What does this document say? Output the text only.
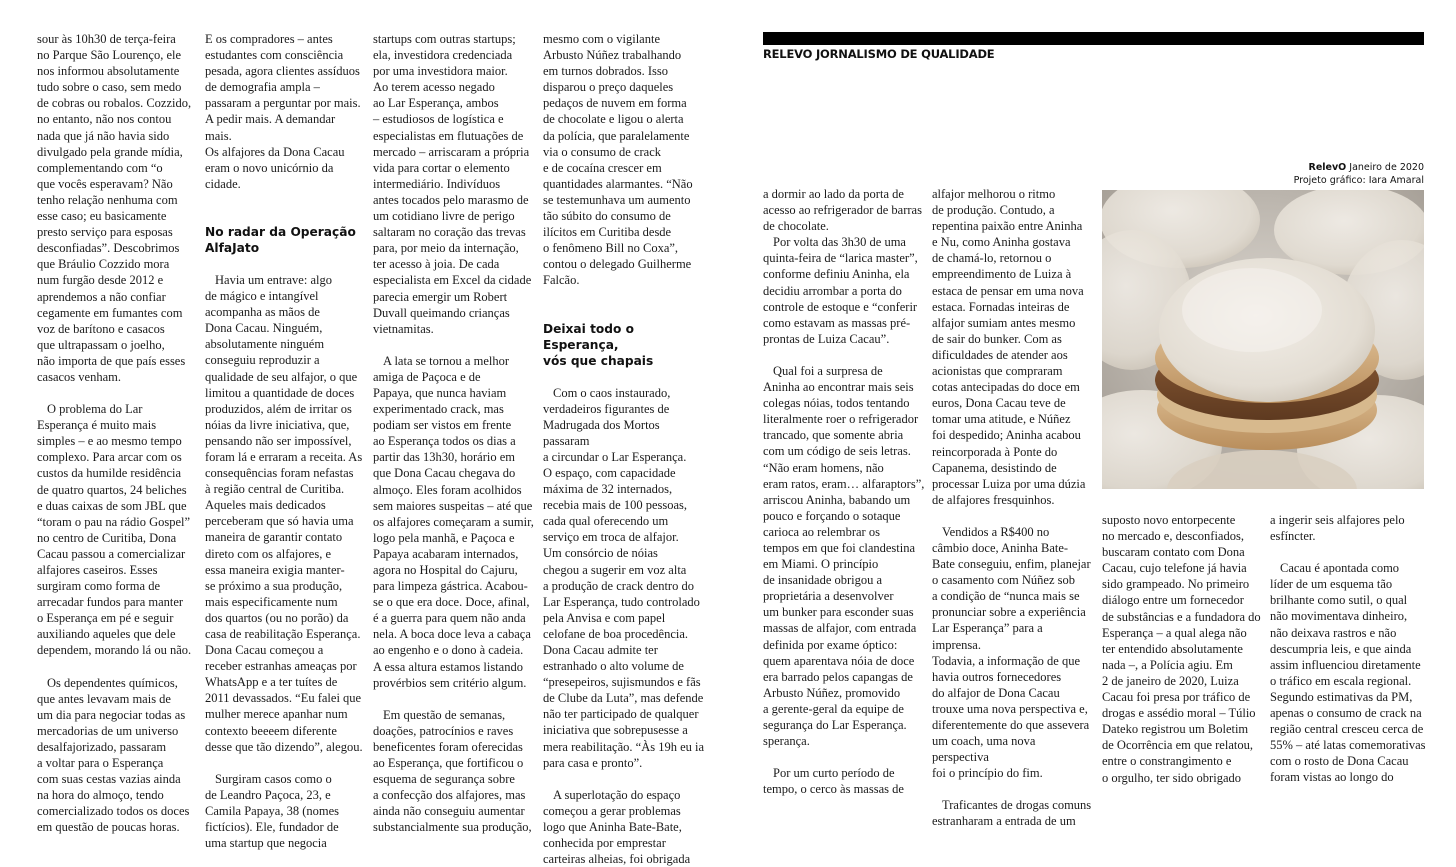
RELEVO JORNALISMO DE QUALIDADE
RelevO Janeiro de 2020
Projeto gráfico: Iara Amaral

sour às 10h30 de terça-feira

no Parque São Lourenço, ele

nos informou absolutamente

tudo sobre o caso, sem medo

de cobras ou robalos. Cozzido,

no entanto, não nos contou

nada que já não havia sido

divulgado pela grande mídia,

complementando com “o

que vocês esperavam? Não

tenho relação nenhuma com

esse caso; eu basicamente

presto serviço para esposas

desconfiadas”. Descobrimos

que Bráulio Cozzido mora

num furgão desde 2012 e

aprendemos a não confiar

cegamente em fumantes com

voz de barítono e casacos

que ultrapassam o joelho,

não importa de que país esses

casacos venham.

O problema do Lar

Esperança é muito mais

simples – e ao mesmo tempo

complexo. Para arcar com os

custos da humilde residência

de quatro quartos, 24 beliches

e duas caixas de som JBL que

“toram o pau na rádio Gospel”

no centro de Curitiba, Dona

Cacau passou a comercializar

alfajores caseiros. Esses

surgiram como forma de

arrecadar fundos para manter

o Esperança em pé e seguir

auxiliando aqueles que dele

dependem, morando lá ou não.

Os dependentes químicos,

que antes levavam mais de

um dia para negociar todas as

mercadorias de um universo

desalfajorizado, passaram

a voltar para o Esperança

com suas cestas vazias ainda

na hora do almoço, tendo

comercializado todos os doces

em questão de poucas horas.

E os compradores – antes

estudantes com consciência

pesada, agora clientes assíduos

de demografia ampla –

passaram a perguntar por mais.

A pedir mais. A demandar mais.

Os alfajores da Dona Cacau

eram o novo unicórnio da

cidade.

No radar da Operação
AlfaJato

Havia um entrave: algo

de mágico e intangível

acompanha as mãos de

Dona Cacau. Ninguém,

absolutamente ninguém

conseguiu reproduzir a

qualidade de seu alfajor, o que

limitou a quantidade de doces

produzidos, além de irritar os

nóias da livre iniciativa, que,

pensando não ser impossível,

foram lá e erraram a receita. As

consequências foram nefastas

à região central de Curitiba.

Aqueles mais dedicados

perceberam que só havia uma

maneira de garantir contato

direto com os alfajores, e

essa maneira exigia manter-

se próximo a sua produção,

mais especificamente num

dos quartos (ou no porão) da

casa de reabilitação Esperança.

Dona Cacau começou a

receber estranhas ameaças por

WhatsApp e a ter tuítes de

2011 devassados. “Eu falei que

mulher merece apanhar num

contexto beeeem diferente

desse que tão dizendo”, alegou.

Surgiram casos como o

de Leandro Paçoca, 23, e

Camila Papaya, 38 (nomes

fictícios). Ele, fundador de

uma startup que negocia

startups com outras startups;

ela, investidora credenciada

por uma investidora maior.

Ao terem acesso negado

ao Lar Esperança, ambos

– estudiosos de logística e

especialistas em flutuações de

mercado – arriscaram a própria

vida para cortar o elemento

intermediário. Indivíduos

antes tocados pelo marasmo de

um cotidiano livre de perigo

saltaram no coração das trevas

para, por meio da internação,

ter acesso à joia. De cada

especialista em Excel da cidade

parecia emergir um Robert

Duvall queimando crianças

vietnamitas.

A lata se tornou a melhor

amiga de Paçoca e de

Papaya, que nunca haviam

experimentado crack, mas

podiam ser vistos em frente

ao Esperança todos os dias a

partir das 13h30, horário em

que Dona Cacau chegava do

almoço. Eles foram acolhidos

sem maiores suspeitas – até que

os alfajores começaram a sumir,

logo pela manhã, e Paçoca e

Papaya acabaram internados,

agora no Hospital do Cajuru,

para limpeza gástrica. Acabou-

se o que era doce. Doce, afinal,

é a guerra para quem não anda

nela. A boca doce leva a cabaça

ao engenho e o dono à cadeia.

A essa altura estamos listando

provérbios sem critério algum.

Em questão de semanas,

doações, patrocínios e raves

beneficentes foram oferecidas

ao Esperança, que fortificou o

esquema de segurança sobre

a confecção dos alfajores, mas

ainda não conseguiu aumentar

substancialmente sua produção,

mesmo com o vigilante

Arbusto Núñez trabalhando

em turnos dobrados. Isso

disparou o preço daqueles

pedaços de nuvem em forma

de chocolate e ligou o alerta

da polícia, que paralelamente

via o consumo de crack

e de cocaína crescer em

quantidades alarmantes. “Não

se testemunhava um aumento

tão súbito do consumo de

ilícitos em Curitiba desde

o fenômeno Bill no Coxa”,

contou o delegado Guilherme

Falcão.

Deixai todo o Esperança,
vós que chapais

Com o caos instaurado,

verdadeiros figurantes de

Madrugada dos Mortos passaram

a circundar o Lar Esperança.

O espaço, com capacidade

máxima de 32 internados,

recebia mais de 100 pessoas,

cada qual oferecendo um

serviço em troca de alfajor.

Um consórcio de nóias

chegou a sugerir em voz alta

a produção de crack dentro do

Lar Esperança, tudo controlado

pela Anvisa e com papel

celofane de boa procedência.

Dona Cacau admite ter

estranhado o alto volume de

“presepeiros, sujismundos e fãs

de Clube da Luta”, mas defende

não ter participado de qualquer

iniciativa que sobrepusesse a

mera reabilitação. “Às 19h eu ia

para casa e pronto”.

A superlotação do espaço

começou a gerar problemas

logo que Aninha Bate-Bate,

conhecida por emprestar

carteiras alheias, foi obrigada

a dormir ao lado da porta de

acesso ao refrigerador de barras

de chocolate.

Por volta das 3h30 de uma

quinta-feira de “larica master”,

conforme definiu Aninha, ela

decidiu arrombar a porta do

controle de estoque e “conferir

como estavam as massas pré-

prontas de Luiza Cacau”.

Qual foi a surpresa de

Aninha ao encontrar mais seis

colegas nóias, todos tentando

literalmente roer o refrigerador

trancado, que somente abria

com um código de seis letras.

“Não eram homens, não

eram ratos, eram… alfaraptors”,

arriscou Aninha, babando um

pouco e forçando o sotaque

carioca ao relembrar os

tempos em que foi clandestina

em Miami. O princípio

de insanidade obrigou a

proprietária a desenvolver

um bunker para esconder suas

massas de alfajor, com entrada

definida por exame óptico:

quem aparentava nóia de doce

era barrado pelos capangas de

Arbusto Núñez, promovido

a gerente-geral da equipe de

segurança do Lar Esperança.

sperança.

Por um curto período de

tempo, o cerco às massas de

alfajor melhorou o ritmo

de produção. Contudo, a

repentina paixão entre Aninha

e Nu, como Aninha gostava

de chamá-lo, retornou o

empreendimento de Luiza à

estaca de pensar em uma nova

estaca. Fornadas inteiras de

alfajor sumiam antes mesmo

de sair do bunker. Com as

dificuldades de atender aos

acionistas que compraram

cotas antecipadas do doce em

euros, Dona Cacau teve de

tomar uma atitude, e Núñez

foi despedido; Aninha acabou

reincorporada à Ponte do

Capanema, desistindo de

processar Luiza por uma dúzia

de alfajores fresquinhos.

Vendidos a R$400 no

câmbio doce, Aninha Bate-

Bate conseguiu, enfim, planejar

o casamento com Núñez sob

a condição de “nunca mais se

pronunciar sobre a experiência

Lar Esperança” para a imprensa.

Todavia, a informação de que

havia outros fornecedores

do alfajor de Dona Cacau

trouxe uma nova perspectiva e,

diferentemente do que assevera

um coach, uma nova perspectiva

foi o princípio do fim.

Traficantes de drogas comuns

estranharam a entrada de um

suposto novo entorpecente

no mercado e, desconfiados,

buscaram contato com Dona

Cacau, cujo telefone já havia

sido grampeado. No primeiro

diálogo entre um fornecedor

de substâncias e a fundadora do

Esperança – a qual alega não

ter entendido absolutamente

nada –, a Polícia agiu. Em

2 de janeiro de 2020, Luiza

Cacau foi presa por tráfico de

drogas e assédio moral – Túlio

Dateko registrou um Boletim

de Ocorrência em que relatou,

entre o constrangimento e

o orgulho, ter sido obrigado

a ingerir seis alfajores pelo

esfíncter.

Cacau é apontada como

líder de um esquema tão

brilhante como sutil, o qual

não movimentava dinheiro,

não deixava rastros e não

descumpria leis, e que ainda

assim influenciou diretamente

o tráfico em escala regional.

Segundo estimativas da PM,

apenas o consumo de crack na

região central cresceu cerca de

55% – até latas comemorativas

com o rosto de Dona Cacau

foram vistas ao longo do
